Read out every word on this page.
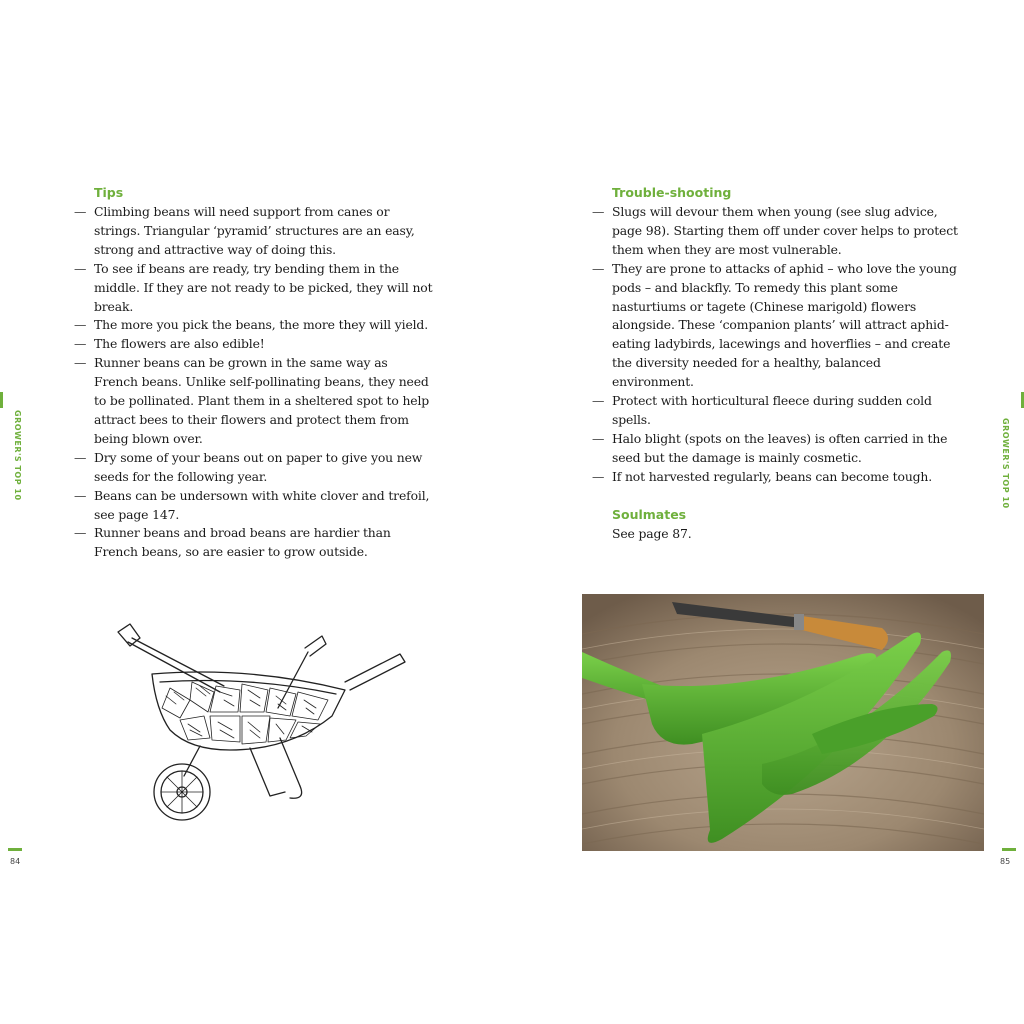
Tips
— Climbing beans will need support from canes or strings. Triangular ‘pyramid’ structures are an easy, strong and attractive way of doing this.
— To see if beans are ready, try bending them in the middle. If they are not ready to be picked, they will not break.
— The more you pick the beans, the more they will yield.
— The flowers are also edible!
— Runner beans can be grown in the same way as French beans. Unlike self-pollinating beans, they need to be pollinated. Plant them in a sheltered spot to help attract bees to their flowers and protect them from being blown over.
— Dry some of your beans out on paper to give you new seeds for the following year.
— Beans can be undersown with white clover and trefoil, see page 147.
— Runner beans and broad beans are hardier than French beans, so are easier to grow outside.
GROWER'S TOP 10
84
Trouble-shooting
— Slugs will devour them when young (see slug advice, page 98). Starting them off under cover helps to protect them when they are most vulnerable.
— They are prone to attacks of aphid – who love the young pods – and blackfly. To remedy this plant some nasturtiums or tagete (Chinese marigold) flowers alongside. These ‘companion plants’ will attract aphid-eating ladybirds, lacewings and hoverflies – and create the diversity needed for a healthy, balanced environment.
— Protect with horticultural fleece during sudden cold spells.
— Halo blight (spots on the leaves) is often carried in the seed but the damage is mainly cosmetic.
— If not harvested regularly, beans can become tough.
Soulmates
See page 87.
GROWER'S TOP 10
85
